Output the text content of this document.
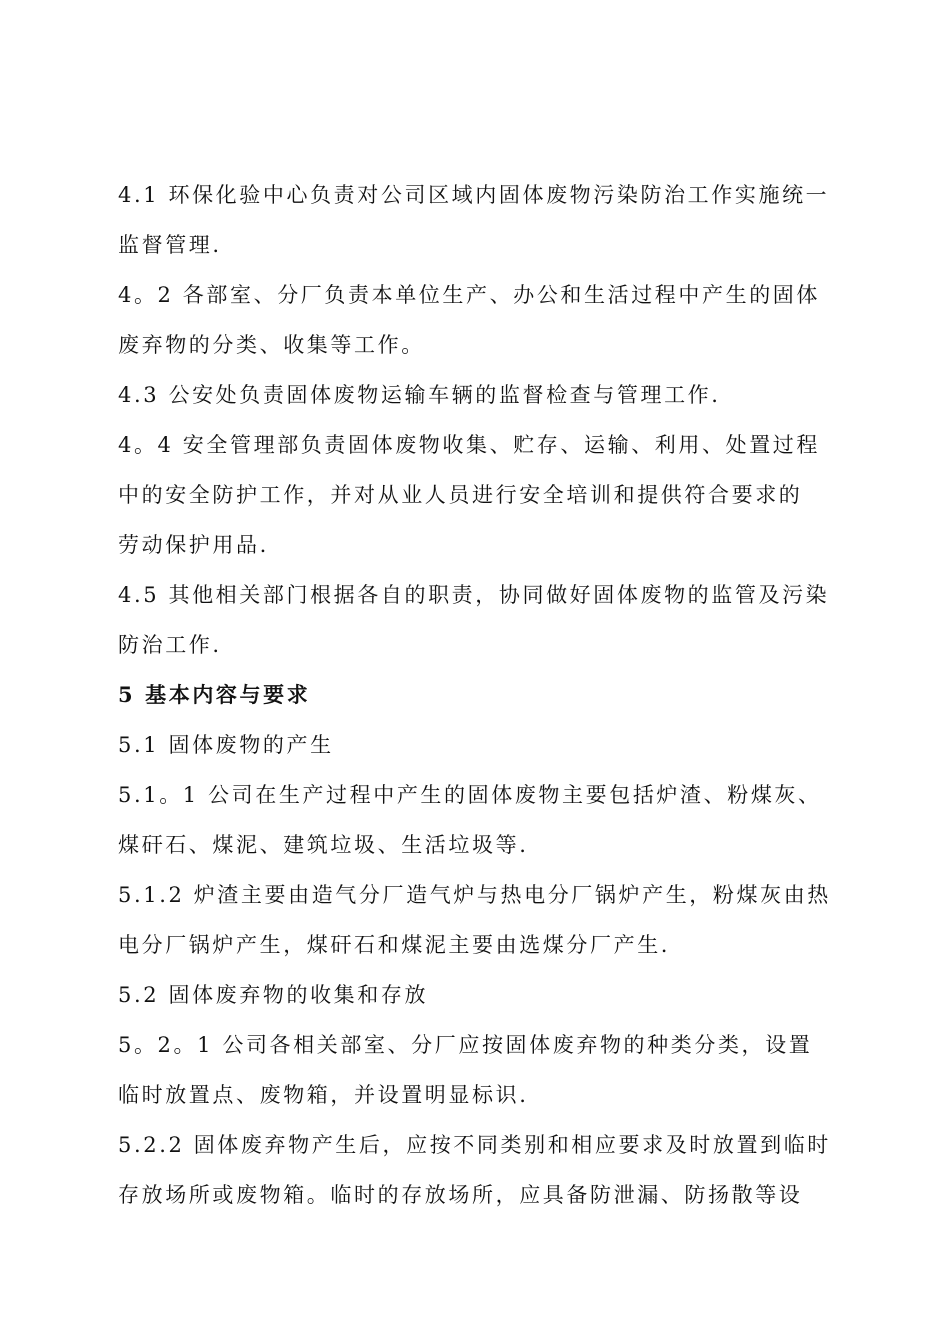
4.1 环保化验中心负责对公司区域内固体废物污染防治工作实施统一
监督管理.

4。2 各部室、分厂负责本单位生产、办公和生活过程中产生的固体
废弃物的分类、收集等工作。

4.3 公安处负责固体废物运输车辆的监督检查与管理工作.

4。4 安全管理部负责固体废物收集、贮存、运输、利用、处置过程
中的安全防护工作，并对从业人员进行安全培训和提供符合要求的
劳动保护用品.

4.5 其他相关部门根据各自的职责，协同做好固体废物的监管及污染
防治工作.

5 基本内容与要求

5.1 固体废物的产生

5.1。1 公司在生产过程中产生的固体废物主要包括炉渣、粉煤灰、
煤矸石、煤泥、建筑垃圾、生活垃圾等.

5.1.2 炉渣主要由造气分厂造气炉与热电分厂锅炉产生，粉煤灰由热
电分厂锅炉产生，煤矸石和煤泥主要由选煤分厂产生.

5.2 固体废弃物的收集和存放

5。2。1 公司各相关部室、分厂应按固体废弃物的种类分类，设置
临时放置点、废物箱，并设置明显标识.

5.2.2 固体废弃物产生后，应按不同类别和相应要求及时放置到临时
存放场所或废物箱。临时的存放场所，应具备防泄漏、防扬散等设
